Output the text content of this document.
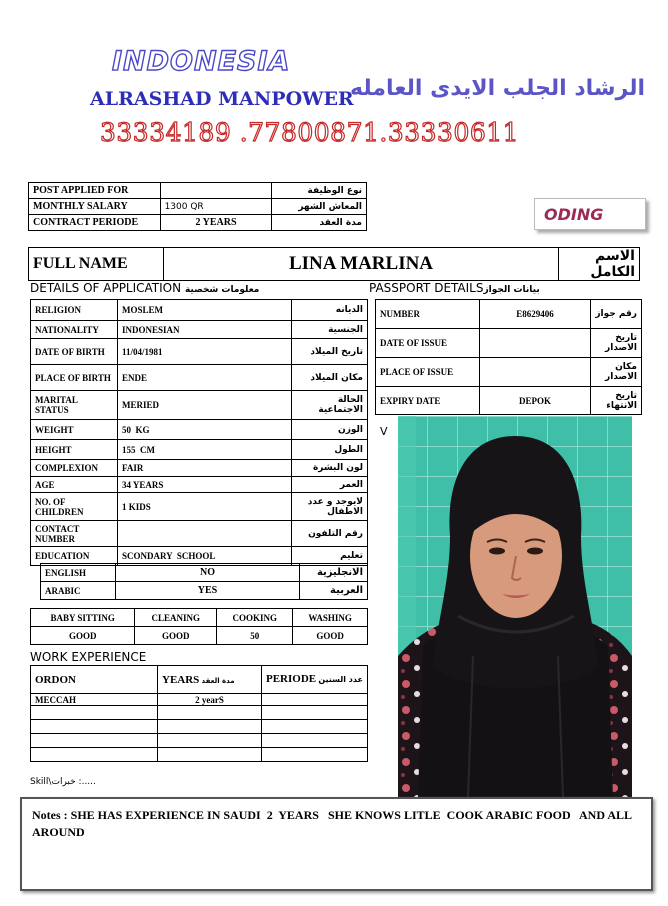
INDONESIA
ALRASHAD MANPOWER
الرشاد الجلب الايدى العامله
33334189 .77800871.33330611
POST APPLIED FOR		نوع الوظيفة
MONTHLY SALARY	1300 QR	المعاش الشهر
CONTRACT PERIODE	2 YEARS	مدة العقد	ODING
FULL NAME	LINA MARLINA	الاسم الكامل
DETAILS OF APPLICATION معلومات شخصية	PASSPORT DETAILSبيانات الجواز
RELIGION	MOSLEM	الديانه
NATIONALITY	INDONESIAN	الجنسية
DATE OF BIRTH	11/04/1981	تاريخ الميلاد
PLACE OF BIRTH	ENDE	مكان الميلاد
MARITAL STATUS	MERIED	الحالة الاجتماعية
WEIGHT	50  KG	الوزن
HEIGHT	155  CM	الطول
COMPLEXION	FAIR	لون البشرة
AGE	34 YEARS	العمر
NO. OF CHILDREN	1 KIDS	لايوجد و عدد الاطفال
CONTACT NUMBER		رقم التلفون
EDUCATION	SCONDARY  SCHOOL	تعليم
ENGLISH	NO	الانجليزية
ARABIC	YES	العربية
BABY SITTING	CLEANING	COOKING	WASHING
GOOD	GOOD	50	GOOD
WORK EXPERIENCE
ORDON	YEARS مدة العقد	PERIODE عدد السنين
MECCAH	2 yearS	

Skill\خبرات :.....
NUMBER	E8629406	رقم جواز
DATE OF ISSUE		تاريخ الاصدار
PLACE OF ISSUE		مكان الاصدار
EXPIRY DATE	DEPOK	تاريخ الانتهاء
V
Notes : SHE HAS EXPERIENCE IN SAUDI  2  YEARS   SHE KNOWS LITLE  COOK ARABIC FOOD   AND ALL AROUND
